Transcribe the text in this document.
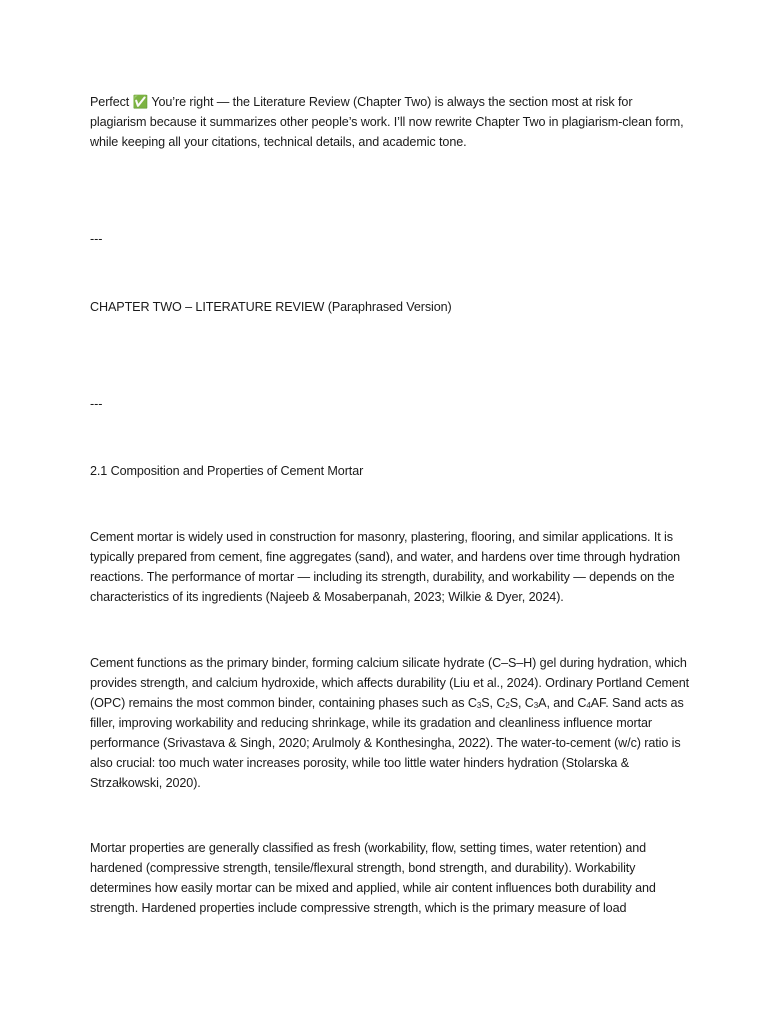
Perfect ✅ You’re right — the Literature Review (Chapter Two) is always the section most at risk for plagiarism because it summarizes other people’s work. I’ll now rewrite Chapter Two in plagiarism-clean form, while keeping all your citations, technical details, and academic tone.

---

CHAPTER TWO – LITERATURE REVIEW (Paraphrased Version)

---

2.1 Composition and Properties of Cement Mortar

Cement mortar is widely used in construction for masonry, plastering, flooring, and similar applications. It is typically prepared from cement, fine aggregates (sand), and water, and hardens over time through hydration reactions. The performance of mortar — including its strength, durability, and workability — depends on the characteristics of its ingredients (Najeeb & Mosaberpanah, 2023; Wilkie & Dyer, 2024).

Cement functions as the primary binder, forming calcium silicate hydrate (C–S–H) gel during hydration, which provides strength, and calcium hydroxide, which affects durability (Liu et al., 2024). Ordinary Portland Cement (OPC) remains the most common binder, containing phases such as $C_3S$, $C_2S$, $C_3A$, and $C_4AF$. Sand acts as filler, improving workability and reducing shrinkage, while its gradation and cleanliness influence mortar performance (Srivastava & Singh, 2020; Arulmoly & Konthesingha, 2022). The water-to-cement (w/c) ratio is also crucial: too much water increases porosity, while too little water hinders hydration (Stolarska & Strzałkowski, 2020).

Mortar properties are generally classified as fresh (workability, flow, setting times, water retention) and hardened (compressive strength, tensile/flexural strength, bond strength, and durability). Workability determines how easily mortar can be mixed and applied, while air content influences both durability and strength. Hardened properties include compressive strength, which is the primary measure of load
